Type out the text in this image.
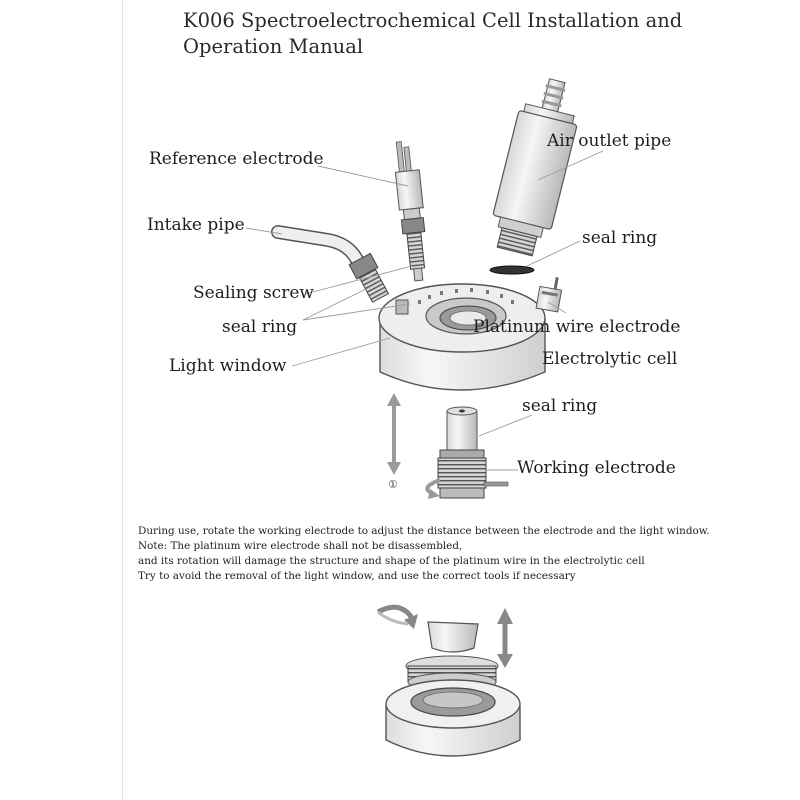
K006 Spectroelectrochemical Cell Installation and Operation Manual
①
Reference electrode
Air outlet pipe
Intake pipe
seal ring
Sealing screw
seal ring	Platinum wire electrode
Light window	Electrolytic cell
seal ring
Working electrode
During use, rotate the working electrode to adjust the distance between the electrode and the light window.
Note: The platinum wire electrode shall not be disassembled,
and its rotation will damage the structure and shape of the platinum wire in the electrolytic cell
Try to avoid the removal of the light window, and use the correct tools if necessary
